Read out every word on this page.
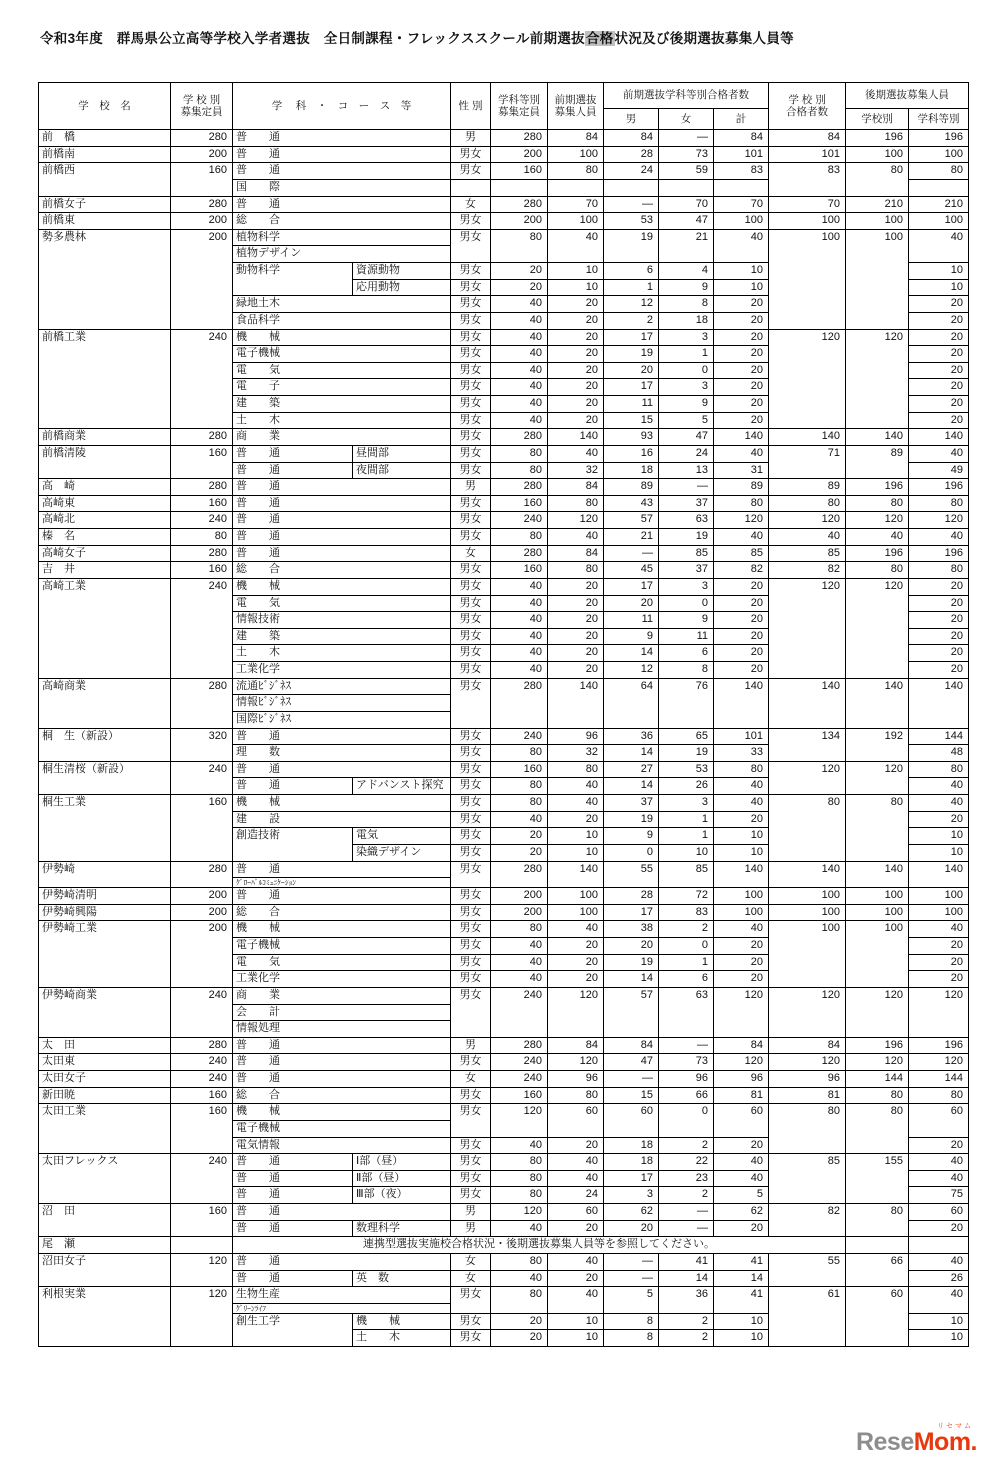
令和3年度　群馬県公立高等学校入学者選抜　全日制課程・フレックススクール前期選抜合格状況及び後期選抜募集人員等
学　校　名	
学 校 別
募集定員
	学　 科　・　コ　ー　ス　等	性 別	
学科等別
募集定員

前期選抜
募集人員
	前期選抜学科等別合格者数	学 校 別
合格者数
	後期選抜募集人員
							男	女	計		学校別	学科等別
前　橋	280	普　　通		男	280	84	84	―	84	84	196	196
前橋南	200	普　　通		男女	200	100	28	73	101	101	100	100
前橋西	160	普　　通		男女	160	80	24	59	83	83	80	80
		国　　際										
前橋女子	280	普　　通		女	280	70	―	70	70	70	210	210
前橋東	200	総　　合		男女	200	100	53	47	100	100	100	100
勢多農林	200	植物科学		男女	80	40	19	21	40	100	100	40
		植物デザイン										
		動物科学	資源動物	男女	20	10	6	4	10			10
			応用動物	男女	20	10	1	9	10			10
		緑地土木		男女	40	20	12	8	20			20
		食品科学		男女	40	20	2	18	20			20
前橋工業	240	機　　械		男女	40	20	17	3	20	120	120	20
		電子機械		男女	40	20	19	1	20			20
		電　　気		男女	40	20	20	0	20			20
		電　　子		男女	40	20	17	3	20			20
		建　　築		男女	40	20	11	9	20			20
		土　　木		男女	40	20	15	5	20			20
前橋商業	280	商　　業		男女	280	140	93	47	140	140	140	140
前橋清陵	160	普　　通	昼間部	男女	80	40	16	24	40	71	89	40
		普　　通	夜間部	男女	80	32	18	13	31			49
高　崎	280	普　　通		男	280	84	89	―	89	89	196	196
高崎東	160	普　　通		男女	160	80	43	37	80	80	80	80
高崎北	240	普　　通		男女	240	120	57	63	120	120	120	120
榛　名	80	普　　通		男女	80	40	21	19	40	40	40	40
高崎女子	280	普　　通		女	280	84	―	85	85	85	196	196
吉　井	160	総　　合		男女	160	80	45	37	82	82	80	80
高崎工業	240	機　　械		男女	40	20	17	3	20	120	120	20
		電　　気		男女	40	20	20	0	20			20
		情報技術		男女	40	20	11	9	20			20
		建　　築		男女	40	20	9	11	20			20
		土　　木		男女	40	20	14	6	20			20
		工業化学		男女	40	20	12	8	20			20
高崎商業	280	流通ﾋﾞｼﾞﾈｽ		男女	280	140	64	76	140	140	140	140
		情報ﾋﾞｼﾞﾈｽ										
		国際ﾋﾞｼﾞﾈｽ										
桐　生（新設）	320	普　　通		男女	240	96	36	65	101	134	192	144
		理　　数		男女	80	32	14	19	33			48
桐生清桜（新設）	240	普　　通		男女	160	80	27	53	80	120	120	80
		普　　通	アドバンスト探究	男女	80	40	14	26	40			40
桐生工業	160	機　　械		男女	80	40	37	3	40	80	80	40
		建　　設		男女	40	20	19	1	20			20
		創造技術	電気	男女	20	10	9	1	10			10
			染織デザイン	男女	20	10	0	10	10			10
伊勢崎	280	普　　通		男女	280	140	55	85	140	140	140	140
		ｸﾞﾛｰﾊﾞﾙｺﾐｭﾆｹｰｼｮﾝ										
伊勢崎清明	200	普　　通		男女	200	100	28	72	100	100	100	100
伊勢崎興陽	200	総　　合		男女	200	100	17	83	100	100	100	100
伊勢崎工業	200	機　　械		男女	80	40	38	2	40	100	100	40
		電子機械		男女	40	20	20	0	20			20
		電　　気		男女	40	20	19	1	20			20
		工業化学		男女	40	20	14	6	20			20
伊勢崎商業	240	商　　業		男女	240	120	57	63	120	120	120	120
		会　　計										
		情報処理										
太　田	280	普　　通		男	280	84	84	―	84	84	196	196
太田東	240	普　　通		男女	240	120	47	73	120	120	120	120
太田女子	240	普　　通		女	240	96	―	96	96	96	144	144
新田暁	160	総　　合		男女	160	80	15	66	81	81	80	80
太田工業	160	機　　械		男女	120	60	60	0	60	80	80	60
		電子機械										
		電気情報		男女	40	20	18	2	20			20
太田フレックス	240	普　　通	Ⅰ部（昼）	男女	80	40	18	22	40	85	155	40
		普　　通	Ⅱ部（昼）	男女	80	40	17	23	40			40
		普　　通	Ⅲ部（夜）	男女	80	24	3	2	5			75
沼　田	160	普　　通		男	120	60	62	―	62	82	80	60
		普　　通	数理科学	男	40	20	20	―	20			20
尾　瀬		連携型選抜実施校合格状況・後期選抜募集人員等を参照してください。										
沼田女子	120	普　　通		女	80	40	―	41	41	55	66	40
		普　　通	英　数	女	40	20	―	14	14			26
利根実業	120	生物生産		男女	80	40	5	36	41	61	60	40
		ｸﾞﾘｰﾝﾗｲﾌ										
		創生工学	機　　械	男女	20	10	8	2	10			10
			土　　木	男女	20	10	8	2	10			10
リセマム
ReseMom.
